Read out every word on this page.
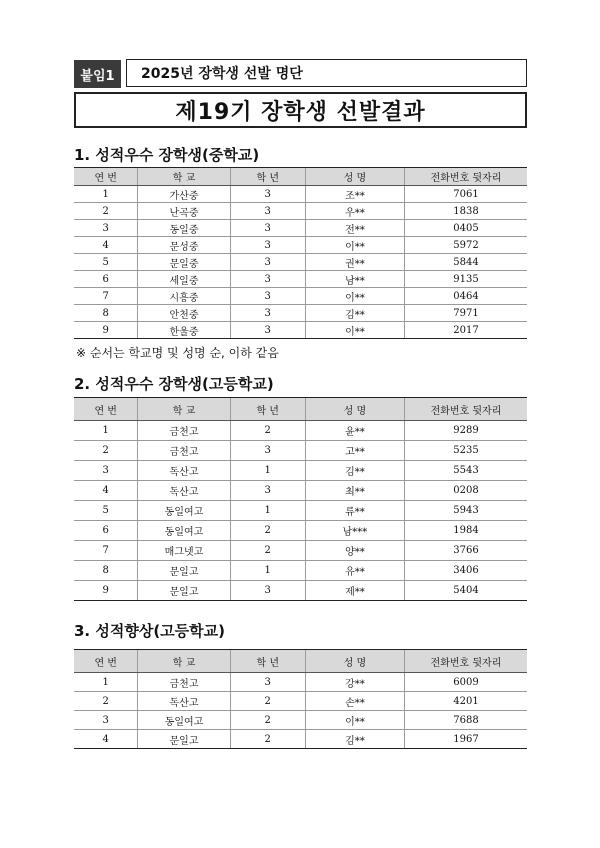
붙임1	2025년 장학생 선발 명단
제19기 장학생 선발결과
1. 성적우수 장학생(중학교)
연 번	학 교	학 년	성 명	전화번호 뒷자리
1	가산중	3	조**	7061
2	난곡중	3	우**	1838
3	동일중	3	전**	0405
4	문성중	3	이**	5972
5	문일중	3	권**	5844
6	세일중	3	남**	9135
7	시흥중	3	이**	0464
8	안천중	3	김**	7971
9	한울중	3	이**	2017
※ 순서는 학교명 및 성명 순, 이하 같음
2. 성적우수 장학생(고등학교)
연 번	학 교	학 년	성 명	전화번호 뒷자리
1	금천고	2	윤**	9289
2	금천고	3	고**	5235
3	독산고	1	김**	5543
4	독산고	3	최**	0208
5	동일여고	1	류**	5943
6	동일여고	2	남***	1984
7	매그넷고	2	양**	3766
8	문일고	1	유**	3406
9	문일고	3	제**	5404
3. 성적향상(고등학교)
연 번	학 교	학 년	성 명	전화번호 뒷자리
1	금천고	3	강**	6009
2	독산고	2	손**	4201
3	동일여고	2	이**	7688
4	문일고	2	김**	1967
